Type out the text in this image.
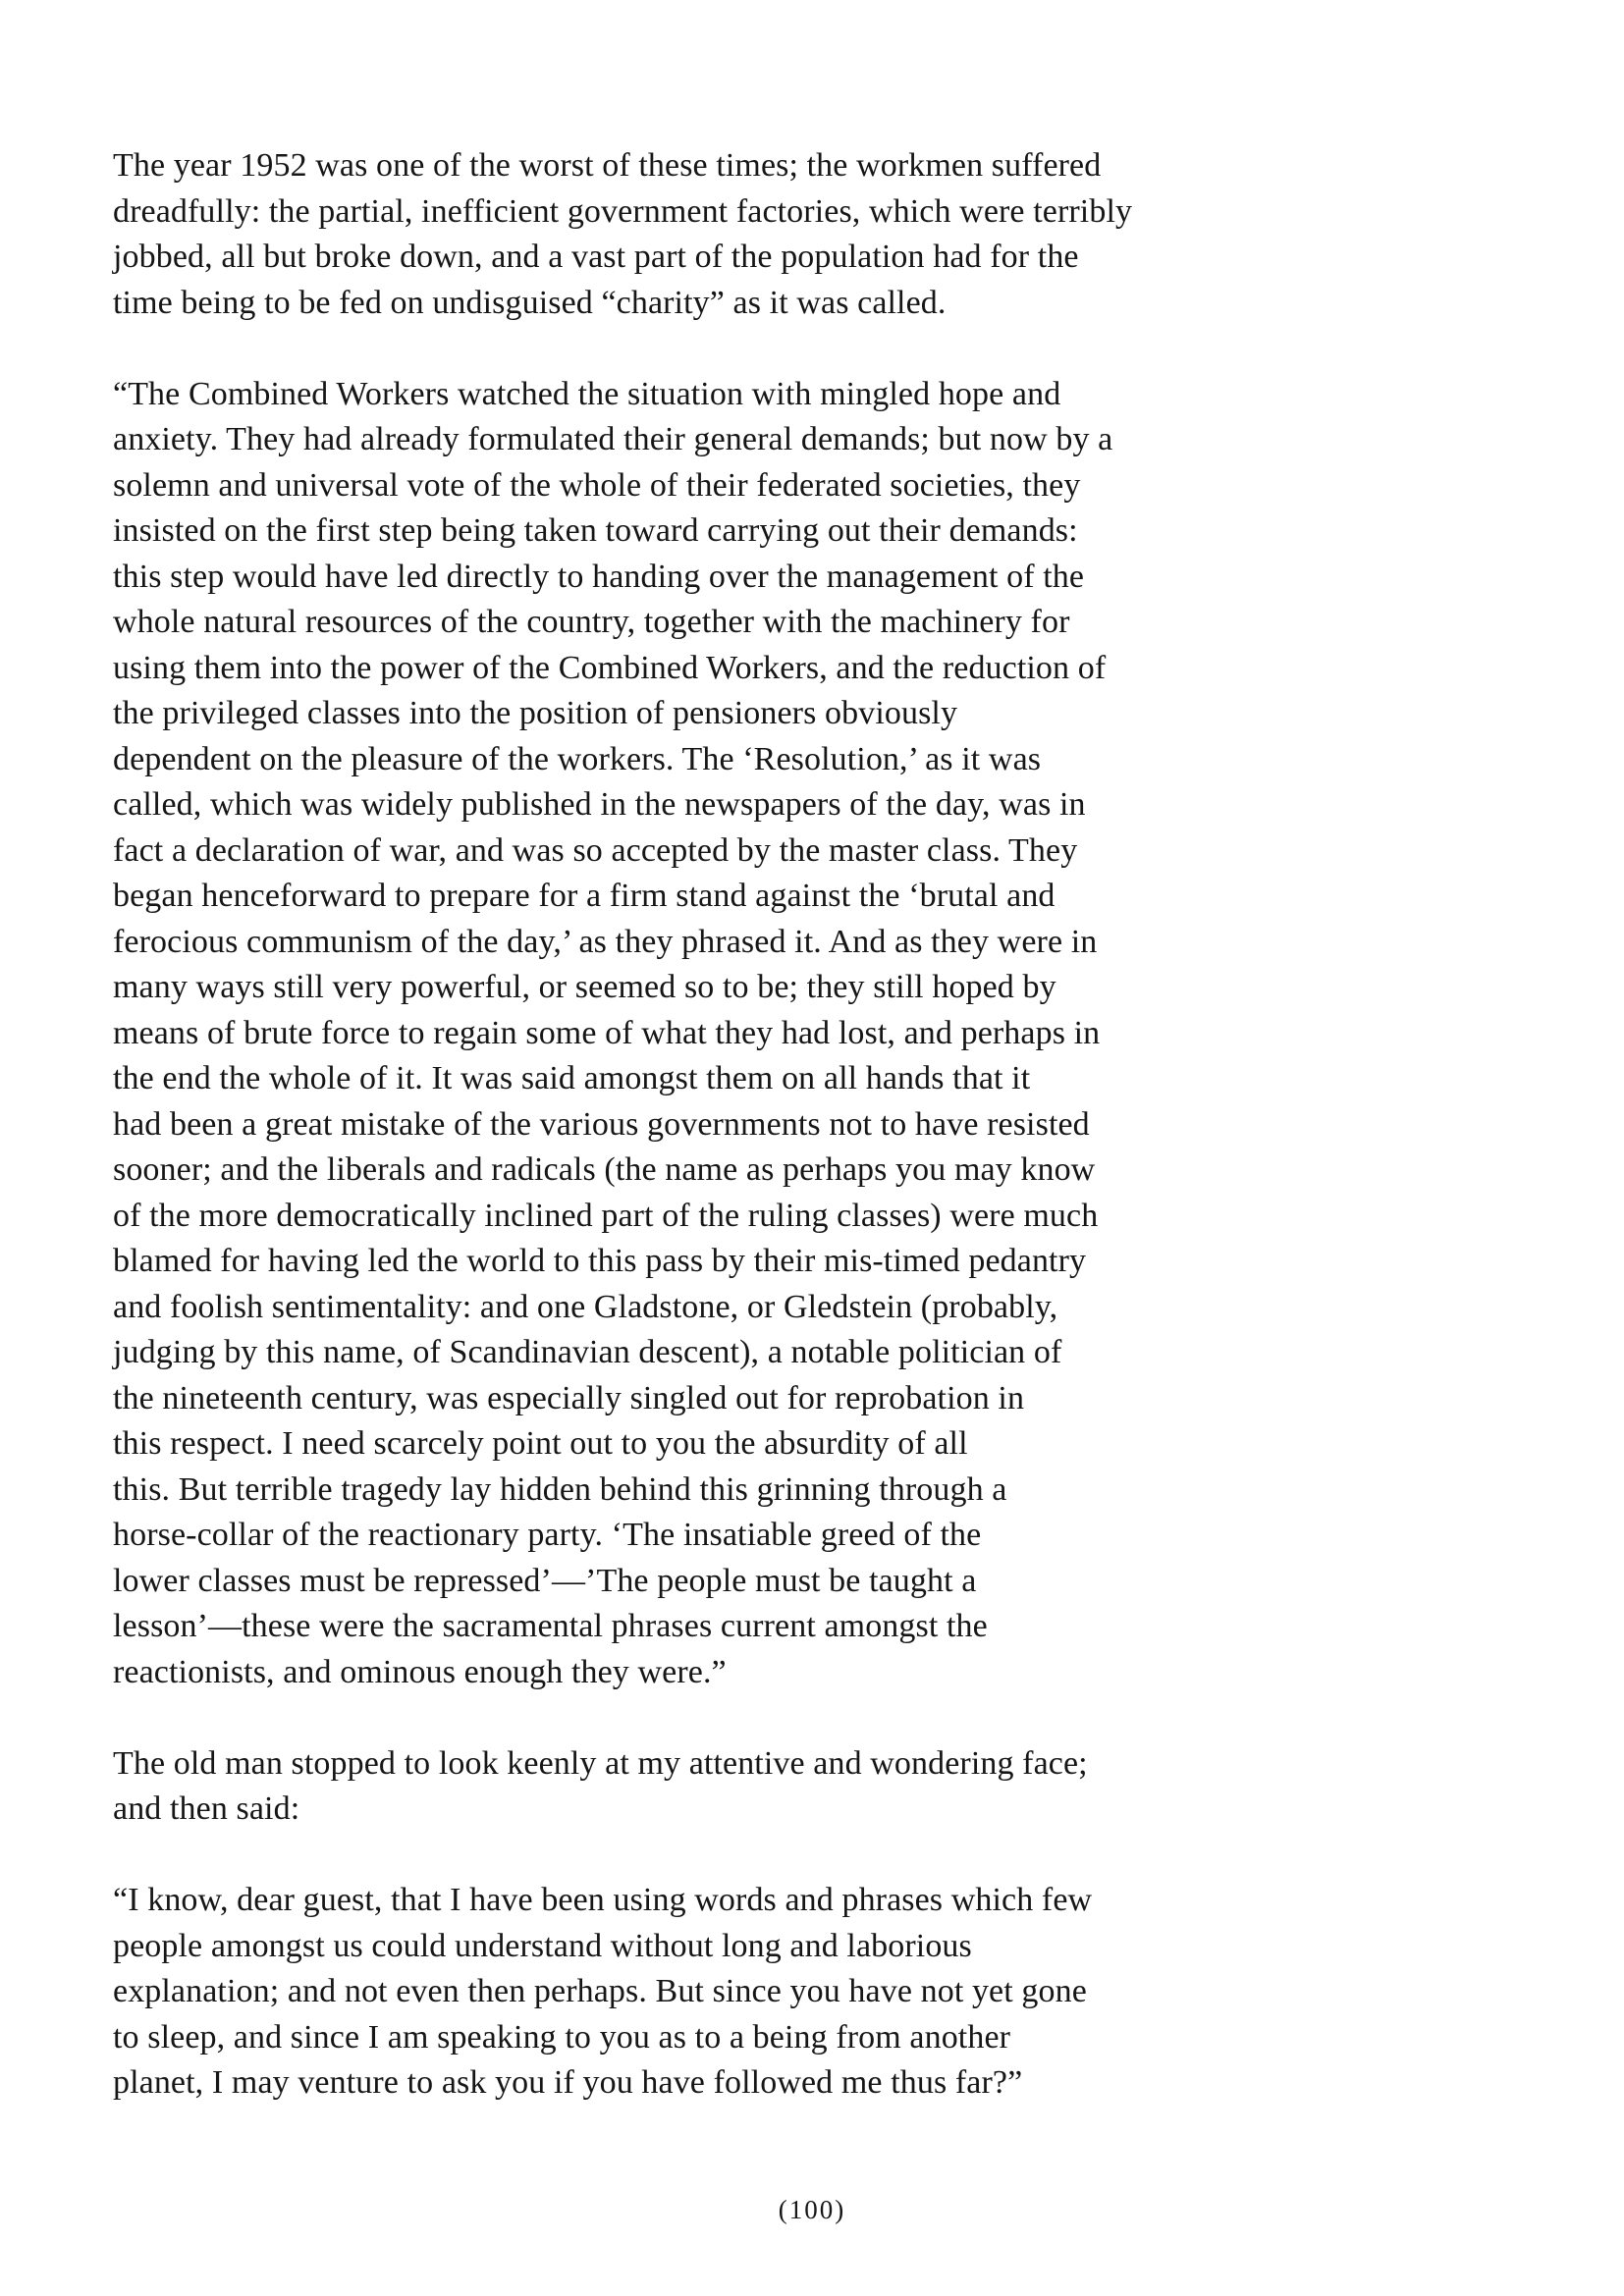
The year 1952 was one of the worst of these times; the workmen suffered
dreadfully: the partial, inefficient government factories, which were terribly
jobbed, all but broke down, and a vast part of the population had for the
time being to be fed on undisguised “charity” as it was called.
“The Combined Workers watched the situation with mingled hope and
anxiety. They had already formulated their general demands; but now by a
solemn and universal vote of the whole of their federated societies, they
insisted on the first step being taken toward carrying out their demands:
this step would have led directly to handing over the management of the
whole natural resources of the country, together with the machinery for
using them into the power of the Combined Workers, and the reduction of
the privileged classes into the position of pensioners obviously
dependent on the pleasure of the workers. The ‘Resolution,’ as it was
called, which was widely published in the newspapers of the day, was in
fact a declaration of war, and was so accepted by the master class. They
began henceforward to prepare for a firm stand against the ‘brutal and
ferocious communism of the day,’ as they phrased it. And as they were in
many ways still very powerful, or seemed so to be; they still hoped by
means of brute force to regain some of what they had lost, and perhaps in
the end the whole of it. It was said amongst them on all hands that it
had been a great mistake of the various governments not to have resisted
sooner; and the liberals and radicals (the name as perhaps you may know
of the more democratically inclined part of the ruling classes) were much
blamed for having led the world to this pass by their mis-timed pedantry
and foolish sentimentality: and one Gladstone, or Gledstein (probably,
judging by this name, of Scandinavian descent), a notable politician of
the nineteenth century, was especially singled out for reprobation in
this respect. I need scarcely point out to you the absurdity of all
this. But terrible tragedy lay hidden behind this grinning through a
horse-collar of the reactionary party. ‘The insatiable greed of the
lower classes must be repressed’—’The people must be taught a
lesson’—these were the sacramental phrases current amongst the
reactionists, and ominous enough they were.”
The old man stopped to look keenly at my attentive and wondering face;
and then said:
“I know, dear guest, that I have been using words and phrases which few
people amongst us could understand without long and laborious
explanation; and not even then perhaps. But since you have not yet gone
to sleep, and since I am speaking to you as to a being from another
planet, I may venture to ask you if you have followed me thus far?”
(100)
